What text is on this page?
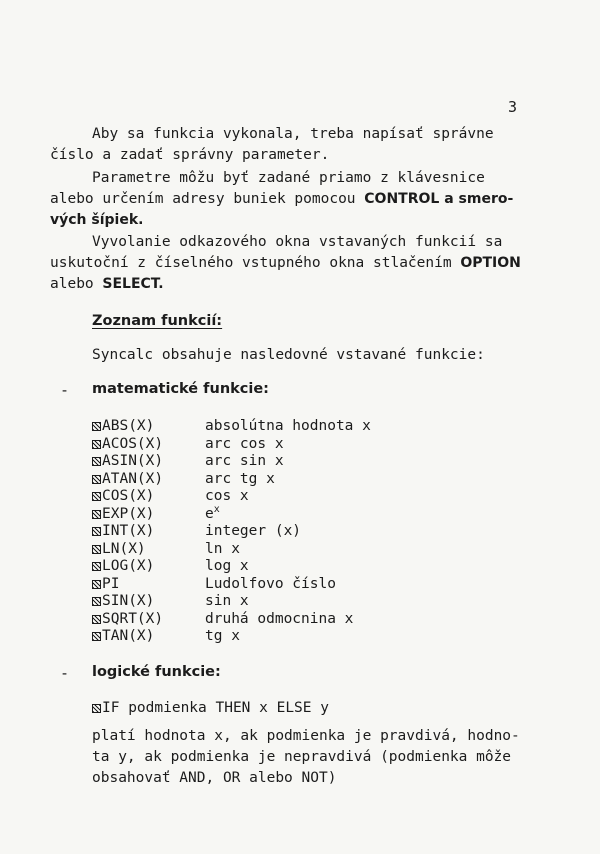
3
Aby sa funkcia vykonala, treba napísať správne
číslo a zadať správny parameter.
Parametre môžu byť zadané priamo z klávesnice
alebo určením adresy buniek pomocou CONTROL a smero-
vých šípiek.
Vyvolanie odkazového okna vstavaných funkcií sa
uskutoční z číselného vstupného okna stlačením OPTION
alebo SELECT.
Zoznam funkcií:
Syncalc obsahuje nasledovné vstavané funkcie:
- matematické funkcie:
ABS(X)	absolútna hodnota x
ACOS(X)	arc cos x
ASIN(X)	arc sin x
ATAN(X)	arc tg x
COS(X)	cos x
EXP(X)	$e^x$
INT(X)	integer (x)
LN(X)	ln x
LOG(X)	log x
PI	Ludolfovo číslo
SIN(X)	sin x
SQRT(X)	druhá odmocnina x
TAN(X)	tg x
- logické funkcie:
IF podmienka THEN x ELSE y
platí hodnota x, ak podmienka je pravdivá, hodno-
ta y, ak podmienka je nepravdivá (podmienka môže
obsahovať AND, OR alebo NOT)
